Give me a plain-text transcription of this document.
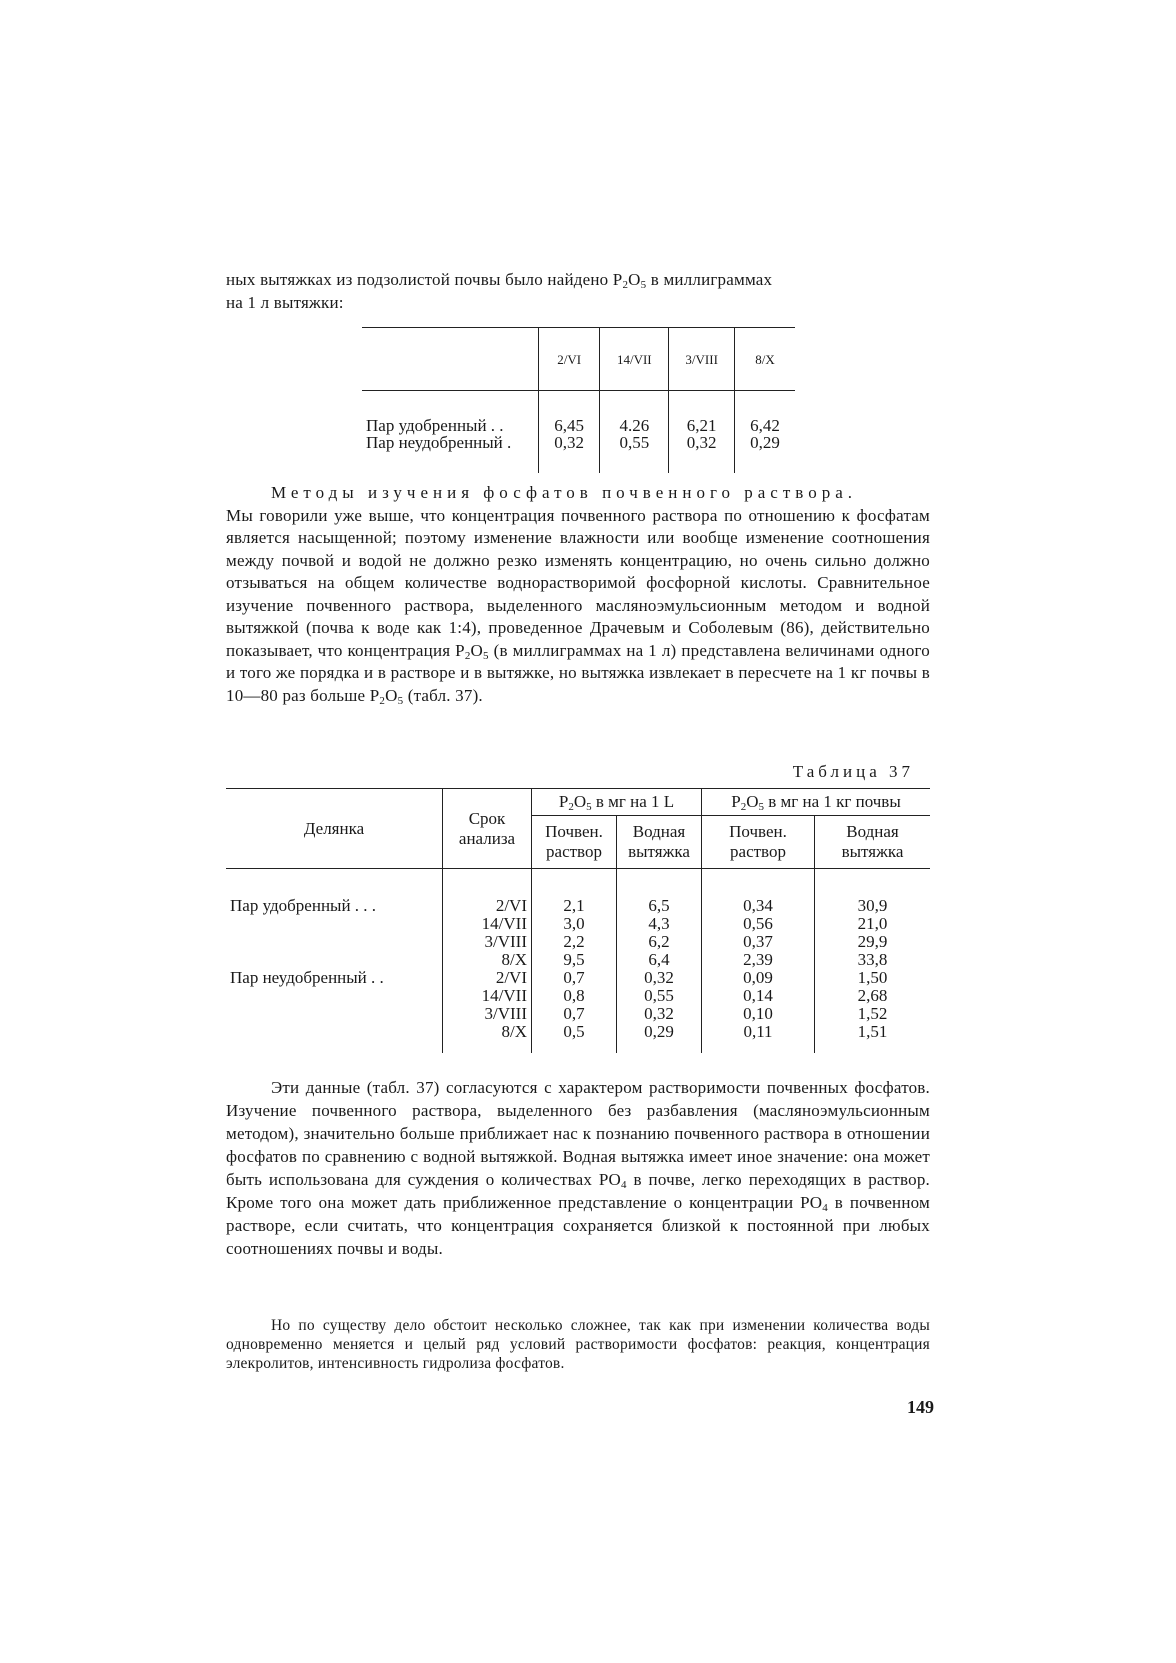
ных вытяжках из подзолистой почвы было найдено $P_2O_5$ в миллиграммах
на 1 л вытяжки:
	2/VI	14/VII	3/VIII	8/X

Пар удобренный . .	6,45	4.26	6,21	6,42
Пар неудобренный .	0,32	0,55	0,32	0,29

Методы изучения фосфатов почвенного раствора.
Мы говорили уже выше, что концентрация почвенного раствора по отношению к фосфатам является насыщенной; поэтому изменение влажности или вообще изменение соотношения между почвой и водой не должно резко изменять концентрацию, но очень сильно должно отзываться на общем количестве воднорастворимой фосфорной кислоты. Сравнительное изучение почвенного раствора, выделенного масляноэмульсионным методом и водной вытяжкой (почва к воде как 1:4), проведенное Драчевым и Соболевым (86), действительно показывает, что концентрация $P_2O_5$ (в миллиграммах на 1 л) представлена величинами одного и того же порядка и в растворе и в вытяжке, но вытяжка извлекает в пересчете на 1 кг почвы в 10—80 раз больше $P_2O_5$ (табл. 37).
Таблица 37
Делянка	Срок анализа	$P_2O_5$ в мг на 1 L		$P_2O_5$ в мг на 1 кг почвы	
		Почвен. раствор	Водная вытяжка	Почвен. раствор	Водная вытяжка

Пар удобренный . . .	2/VI	2,1	6,5	0,34	30,9
	14/VII	3,0	4,3	0,56	21,0
	3/VIII	2,2	6,2	0,37	29,9
	8/X	9,5	6,4	2,39	33,8
Пар неудобренный . .	2/VI	0,7	0,32	0,09	1,50
	14/VII	0,8	0,55	0,14	2,68
	3/VIII	0,7	0,32	0,10	1,52
	8/X	0,5	0,29	0,11	1,51

Эти данные (табл. 37) согласуются с характером растворимости почвенных фосфатов. Изучение почвенного раствора, выделенного без разбавления (масляноэмульсионным методом), значительно больше приближает нас к познанию почвенного раствора в отношении фосфатов по сравнению с водной вытяжкой. Водная вытяжка имеет иное значение: она может быть использована для суждения о количествах $PO_4$ в почве, легко переходящих в раствор. Кроме того она может дать приближенное представление о концентрации $PO_4$ в почвенном растворе, если считать, что концентрация сохраняется близкой к постоянной при любых соотношениях почвы и воды.
Но по существу дело обстоит несколько сложнее, так как при изменении количества воды одновременно меняется и целый ряд условий растворимости фосфатов: реакция, концентрация элекролитов, интенсивность гидролиза фосфатов.
149
